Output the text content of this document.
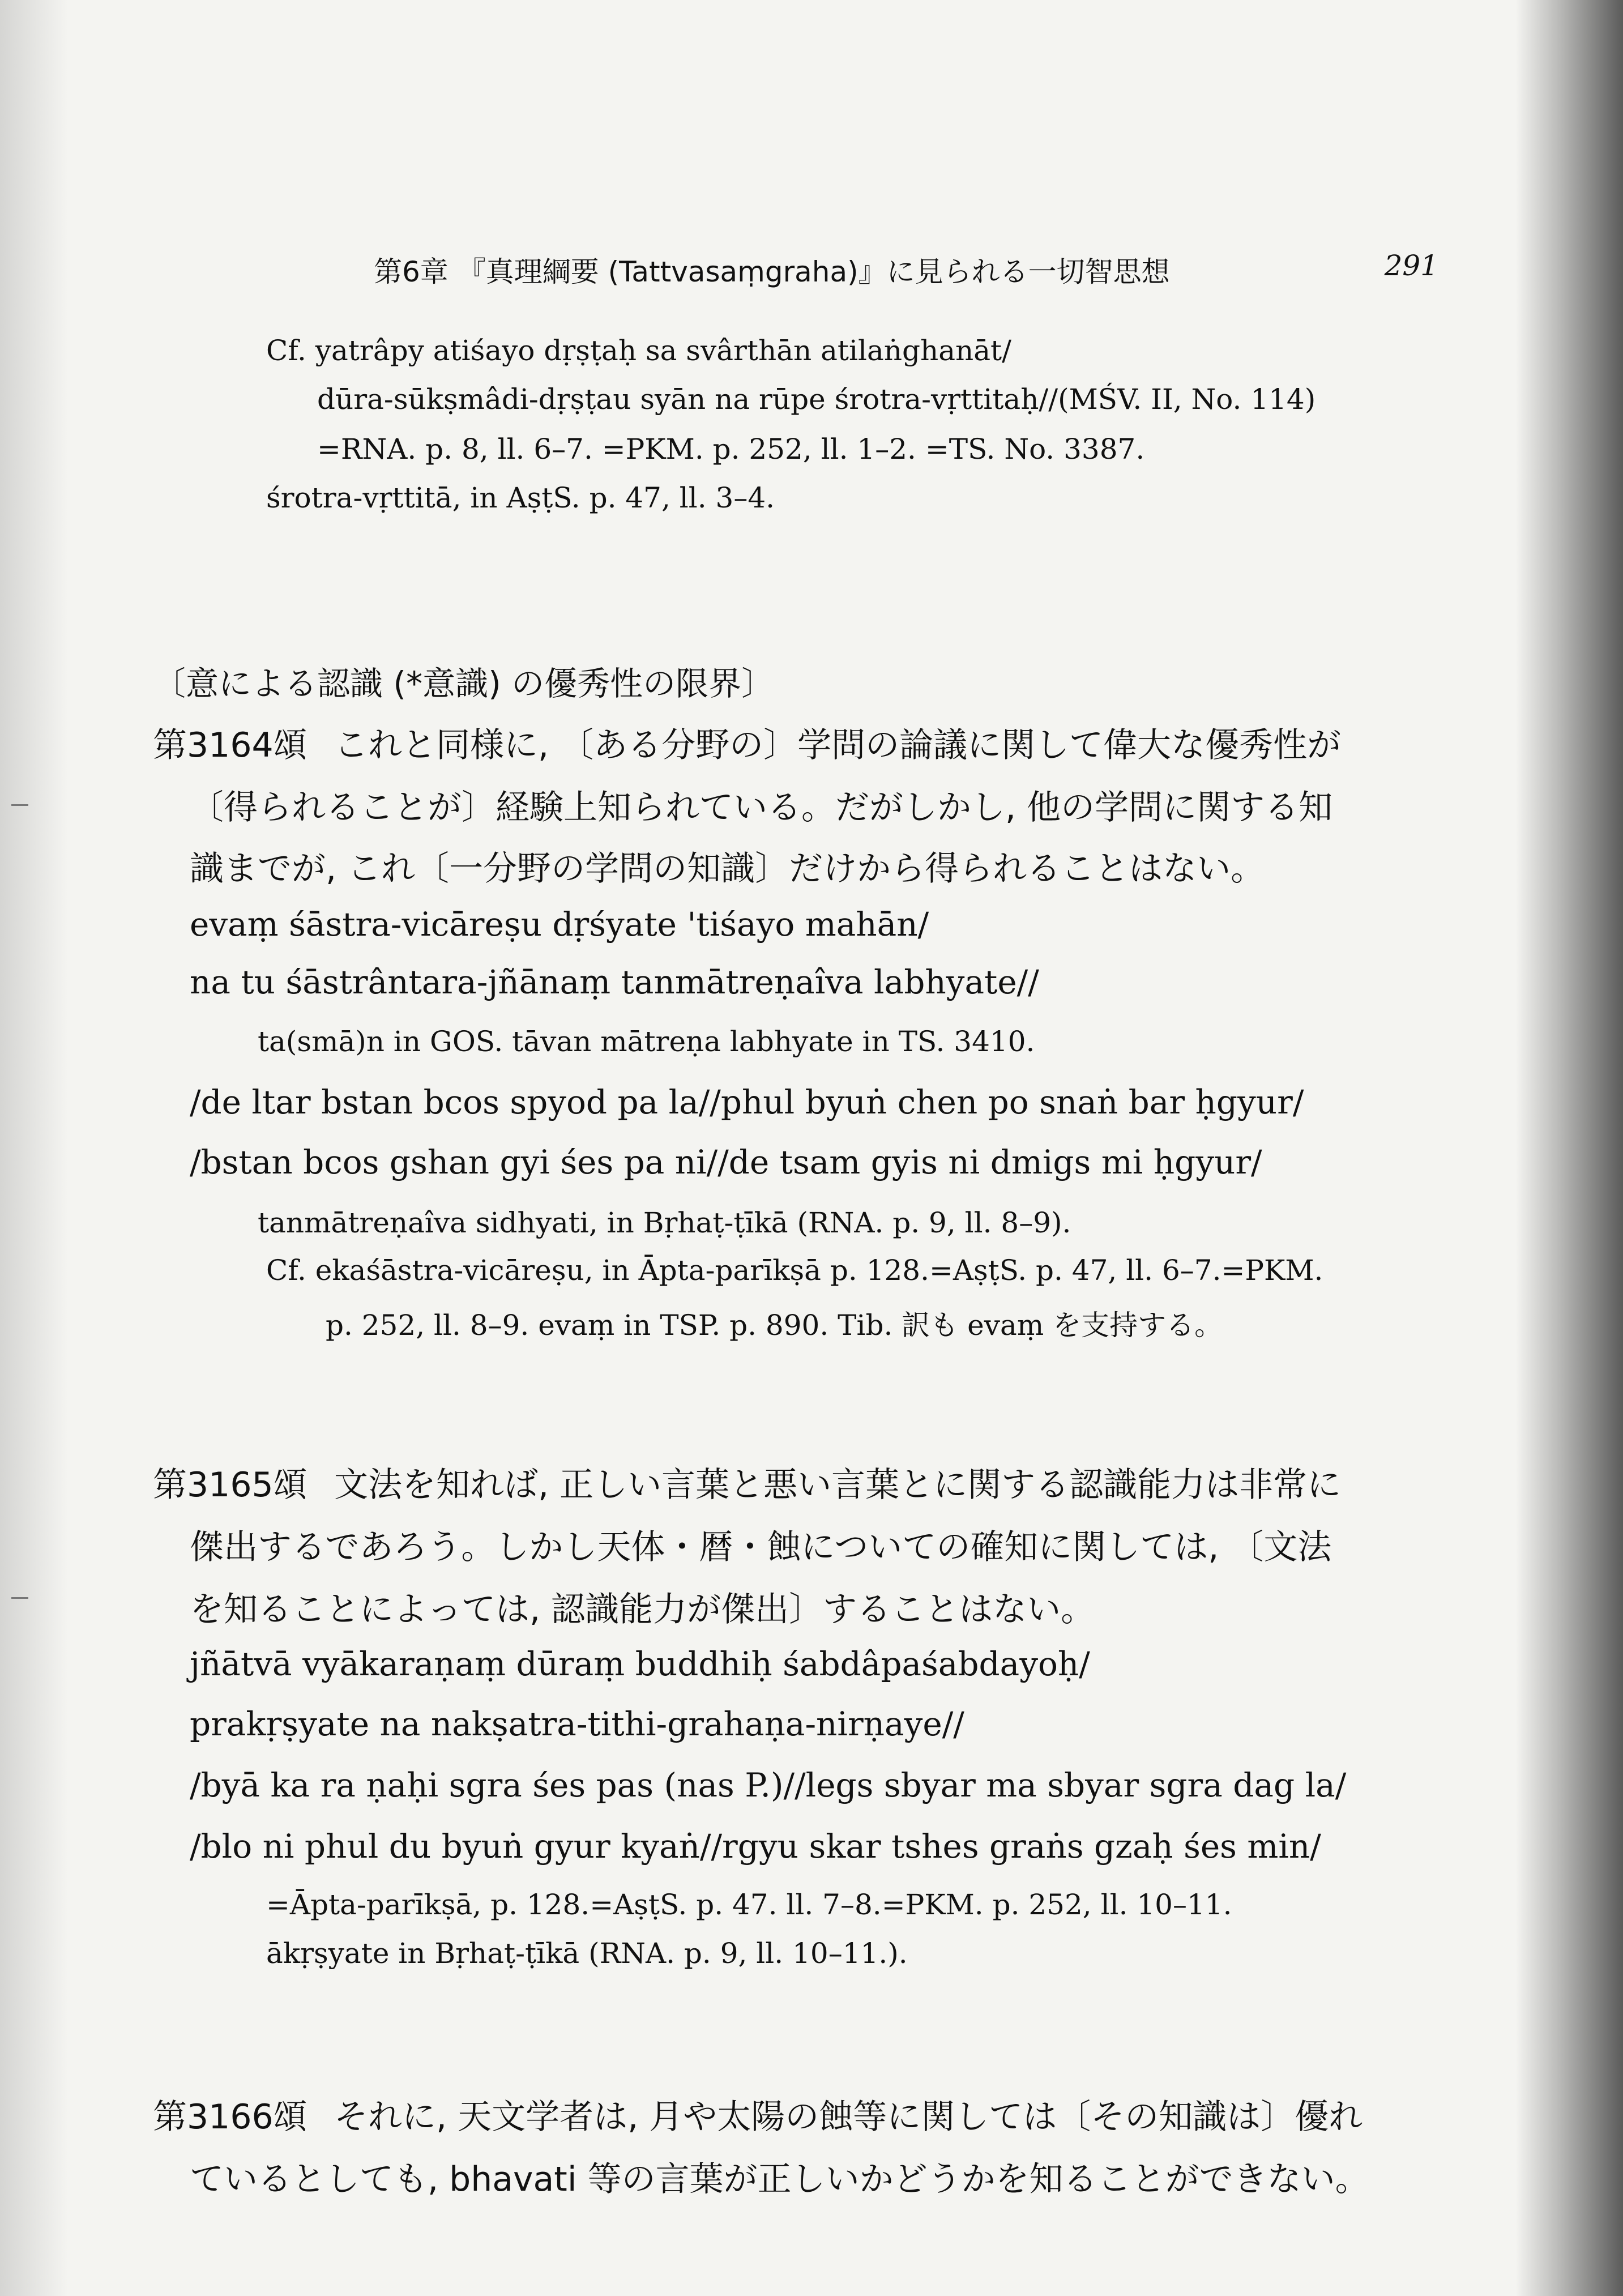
第6章 『真理綱要 (Tattvasaṃgraha)』に見られる一切智思想	291
Cf. yatrâpy atiśayo dṛṣṭaḥ sa svârthān atilaṅghanāt/
dūra-sūkṣmâdi-dṛṣṭau syān na rūpe śrotra-vṛttitaḥ//(MŚV. II, No. 114)
=RNA. p. 8, ll. 6–7. =PKM. p. 252, ll. 1–2. =TS. No. 3387.
śrotra-vṛttitā, in AṣṭS. p. 47, ll. 3–4.
〔意による認識 (*意識) の優秀性の限界〕
第3164頌 これと同様に, 〔ある分野の〕学問の論議に関して偉大な優秀性が
〔得られることが〕経験上知られている。だがしかし, 他の学問に関する知
識までが, これ〔一分野の学問の知識〕だけから得られることはない。
evaṃ śāstra-vicāreṣu dṛśyate 'tiśayo mahān/
na tu śāstrântara-jñānaṃ tanmātreṇaîva labhyate//
ta(smā)n in GOS. tāvan mātreṇa labhyate in TS. 3410.
/de ltar bstan bcos spyod pa la//phul byuṅ chen po snaṅ bar ḥgyur/
/bstan bcos gshan gyi śes pa ni//de tsam gyis ni dmigs mi ḥgyur/
tanmātreṇaîva sidhyati, in Bṛhaṭ-ṭīkā (RNA. p. 9, ll. 8–9).
Cf. ekaśāstra-vicāreṣu, in Āpta-parīkṣā p. 128.=AṣṭS. p. 47, ll. 6–7.=PKM.
p. 252, ll. 8–9. evaṃ in TSP. p. 890. Tib. 訳も evaṃ を支持する。
第3165頌 文法を知れば, 正しい言葉と悪い言葉とに関する認識能力は非常に
傑出するであろう。しかし天体・暦・蝕についての確知に関しては, 〔文法
を知ることによっては, 認識能力が傑出〕することはない。
jñātvā vyākaraṇaṃ dūraṃ buddhiḥ śabdâpaśabdayoḥ/
prakṛṣyate na nakṣatra-tithi-grahaṇa-nirṇaye//
/byā ka ra ṇaḥi sgra śes pas (nas P.)//legs sbyar ma sbyar sgra dag la/
/blo ni phul du byuṅ gyur kyaṅ//rgyu skar tshes graṅs gzaḥ śes min/
=Āpta-parīkṣā, p. 128.=AṣṭS. p. 47. ll. 7–8.=PKM. p. 252, ll. 10–11.
ākṛṣyate in Bṛhaṭ-ṭīkā (RNA. p. 9, ll. 10–11.).
第3166頌 それに, 天文学者は, 月や太陽の蝕等に関しては〔その知識は〕優れ
ているとしても, bhavati 等の言葉が正しいかどうかを知ることができない。
